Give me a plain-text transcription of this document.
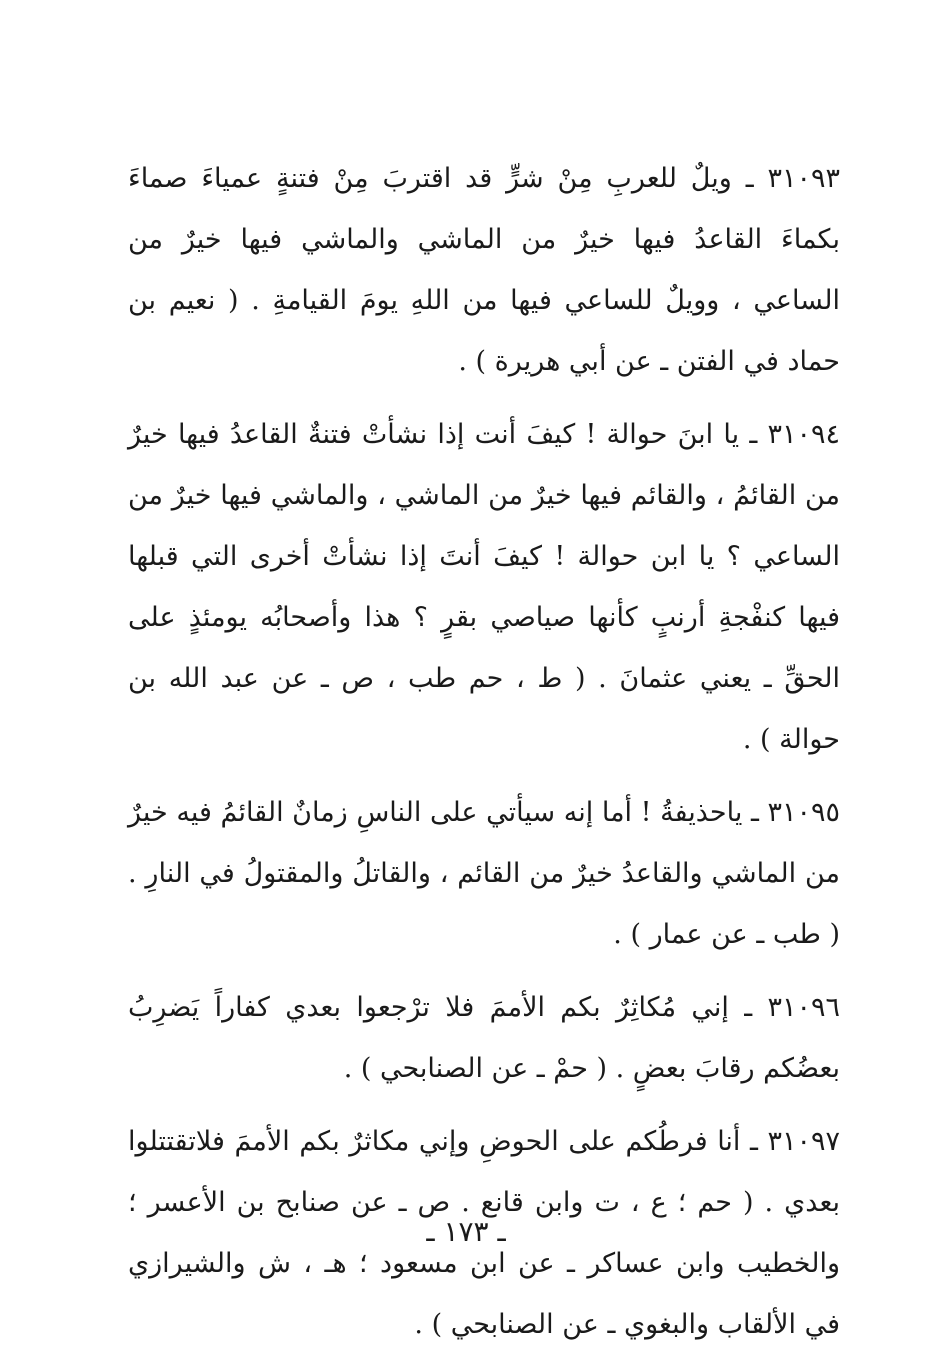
٣١٠٩٣ ـ ويلٌ للعربِ مِنْ شرٍّ قد اقتربَ مِنْ فتنةٍ عمياءَ صماءَ بكماءَ القاعدُ فيها خيرٌ من الماشي والماشي فيها خيرٌ من الساعي ، وويلٌ للساعي فيها من اللهِ يومَ القيامةِ . ( نعيم بن حماد في الفتن ـ عن أبي هريرة ) .

٣١٠٩٤ ـ يا ابنَ حوالة ! كيفَ أنت إذا نشأتْ فتنةٌ القاعدُ فيها خيرٌ من القائمُ ، والقائم فيها خيرٌ من الماشي ، والماشي فيها خيرٌ من الساعي ؟ يا ابن حوالة ! كيفَ أنتَ إذا نشأتْ أخرى التي قبلها فيها كنفْجةِ أرنبٍ كأنها صياصي بقرٍ ؟ هذا وأصحابُه يومئذٍ على الحقِّ ـ يعني عثمانَ . ( ط ، حم طب ، ص ـ عن عبد الله بن حوالة ) .

٣١٠٩٥ ـ ياحذيفةُ ! أما إنه سيأتي على الناسِ زمانٌ القائمُ فيه خيرٌ من الماشي والقاعدُ خيرٌ من القائم ، والقاتلُ والمقتولُ في النارِ . ( طب ـ عن عمار ) .

٣١٠٩٦ ـ إني مُكاثِرٌ بكم الأممَ فلا ترْجعوا بعدي كفاراً يَضرِبُ بعضُكم رقابَ بعضٍ . ( حمْ ـ عن الصنابحي ) .

٣١٠٩٧ ـ أنا فرطُكم على الحوضِ وإني مكاثرٌ بكم الأممَ فلاتقتتلوا بعدي . ( حم ؛ ع ، ت وابن قانع . ص ـ عن صنابح بن الأعسر ؛ والخطيب وابن عساكر ـ عن ابن مسعود ؛ هـ ، ش والشيرازي في الألقاب والبغوي ـ عن الصنابحي ) .

ـ ١٧٣ ـ
